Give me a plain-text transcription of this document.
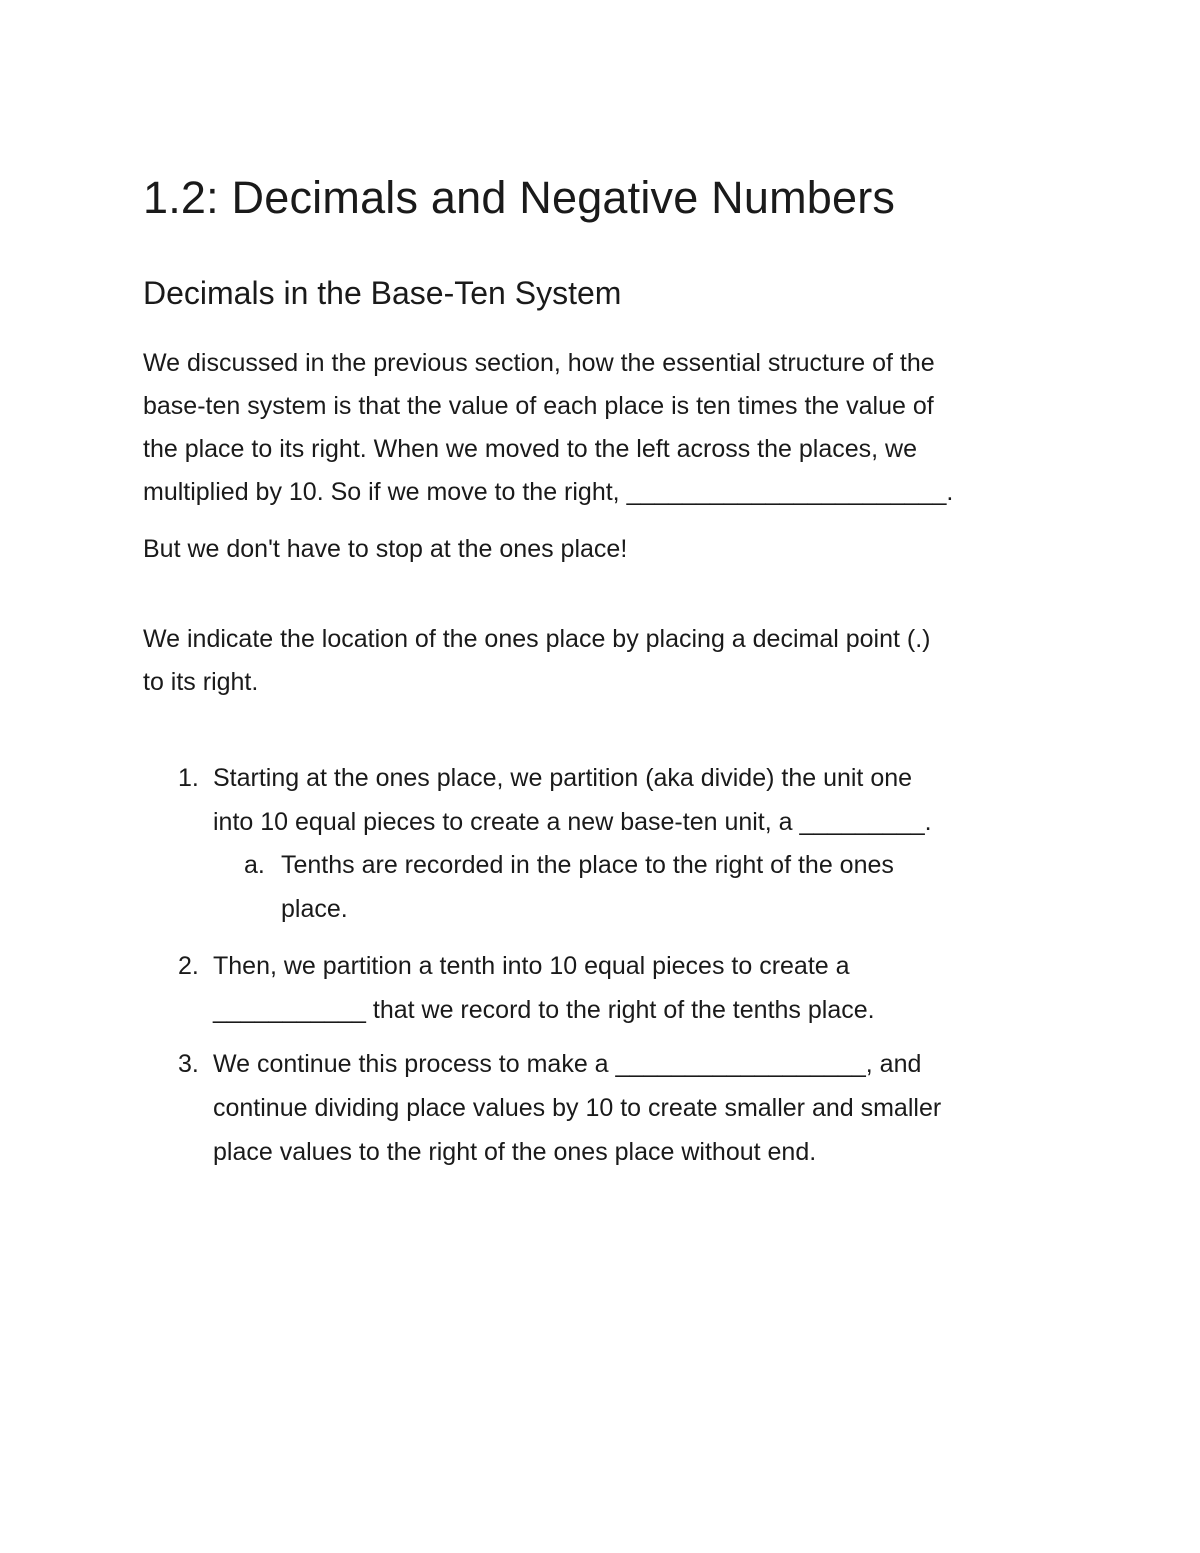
1.2: Decimals and Negative Numbers
Decimals in the Base-Ten System
We discussed in the previous section, how the essential structure of the
base-ten system is that the value of each place is ten times the value of
the place to its right. When we moved to the left across the places, we
multiplied by 10. So if we move to the right, _______________________.
But we don't have to stop at the ones place!
We indicate the location of the ones place by placing a decimal point (.)
to its right.
1. Starting at the ones place, we partition (aka divide) the unit one
into 10 equal pieces to create a new base-ten unit, a _________.
a. Tenths are recorded in the place to the right of the ones
place.
2. Then, we partition a tenth into 10 equal pieces to create a
___________ that we record to the right of the tenths place.
3. We continue this process to make a __________________, and
continue dividing place values by 10 to create smaller and smaller
place values to the right of the ones place without end.
